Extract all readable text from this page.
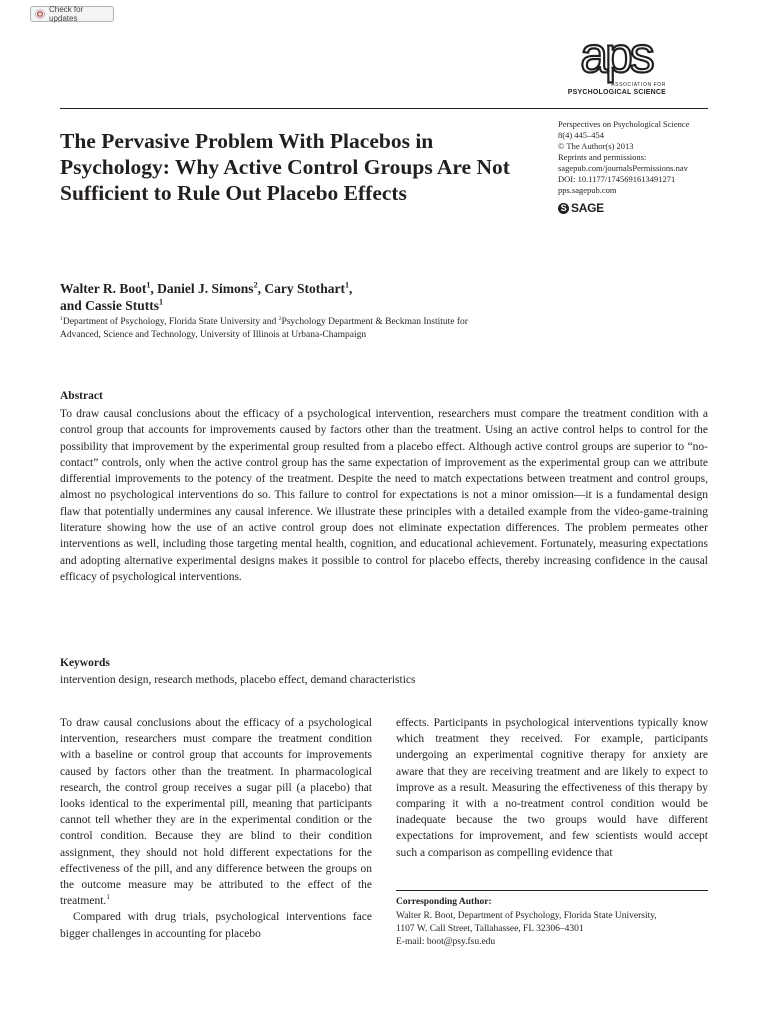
Check for updates
aps
ASSOCIATION FOR
PSYCHOLOGICAL SCIENCE
The Pervasive Problem With Placebos in Psychology: Why Active Control Groups Are Not Sufficient to Rule Out Placebo Effects
Perspectives on Psychological Science
8(4) 445–454
© The Author(s) 2013
Reprints and permissions:
sagepub.com/journalsPermissions.nav
DOI: 10.1177/1745691613491271
pps.sagepub.com
S SAGE
Walter R. Boot$^1$, Daniel J. Simons$^2$, Cary Stothart$^1$,
and Cassie Stutts$^1$
$^1$Department of Psychology, Florida State University and $^2$Psychology Department & Beckman Institute for Advanced, Science and Technology, University of Illinois at Urbana-Champaign
Abstract

To draw causal conclusions about the efficacy of a psychological intervention, researchers must compare the treatment condition with a control group that accounts for improvements caused by factors other than the treatment. Using an active control helps to control for the possibility that improvement by the experimental group resulted from a placebo effect. Although active control groups are superior to “no-contact” controls, only when the active control group has the same expectation of improvement as the experimental group can we attribute differential improvements to the potency of the treatment. Despite the need to match expectations between treatment and control groups, almost no psychological interventions do so. This failure to control for expectations is not a minor omission—it is a fundamental design flaw that potentially undermines any causal inference. We illustrate these principles with a detailed example from the video-game-training literature showing how the use of an active control group does not eliminate expectation differences. The problem permeates other interventions as well, including those targeting mental health, cognition, and educational achievement. Fortunately, measuring expectations and adopting alternative experimental designs makes it possible to control for placebo effects, thereby increasing confidence in the causal efficacy of psychological interventions.

Keywords
intervention design, research methods, placebo effect, demand characteristics

To draw causal conclusions about the efficacy of a psychological intervention, researchers must compare the treatment condition with a baseline or control group that accounts for improvements caused by factors other than the treatment. In pharmacological research, the control group receives a sugar pill (a placebo) that looks identical to the experimental pill, meaning that participants cannot tell whether they are in the experimental condition or the control condition. Because they are blind to their condition assignment, they should not hold different expectations for the effectiveness of the pill, and any difference between the groups on the outcome measure may be attributed to the effect of the treatment.$^1$

Compared with drug trials, psychological interventions face bigger challenges in accounting for placebo

effects. Participants in psychological interventions typically know which treatment they received. For example, participants undergoing an experimental cognitive therapy for anxiety are aware that they are receiving treatment and are likely to expect to improve as a result. Measuring the effectiveness of this therapy by comparing it with a no-treatment control condition would be inadequate because the two groups would have different expectations for improvement, and few scientists would accept such a comparison as compelling evidence that

Corresponding Author:
Walter R. Boot, Department of Psychology, Florida State University,
1107 W. Call Street, Tallahassee, FL 32306–4301
E-mail: boot@psy.fsu.edu
